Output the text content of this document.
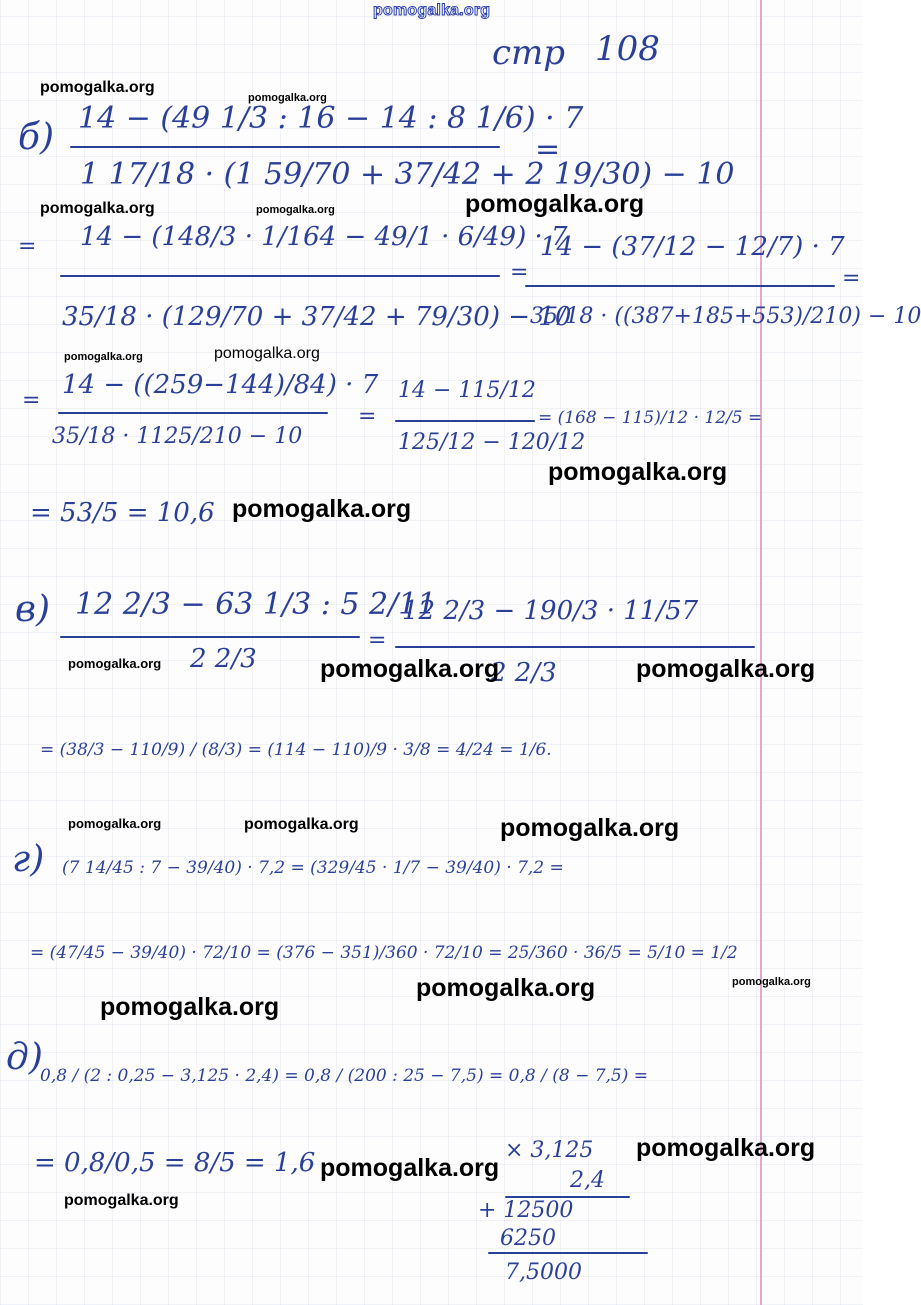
pomogalka.org
стр 108
б) 14 − (49 1/3 : 16 − 14 : 8 1/6) · 7
1 17/18 · (1 59/70 + 37/42 + 2 19/30) − 10
=
= 14 − (148/3 · 1/164 − 49/1 · 6/49) · 7
35/18 · (129/70 + 37/42 + 79/30) − 10
=
14 − (37/12 − 12/7) · 7
35/18 · ((387+185+553)/210) − 10
=
=
14 − ((259−144)/84) · 7
35/18 · 1125/210 − 10
=
14 − 115/12
125/12 − 120/12
= (168 − 115)/12 · 12/5 =
= 53/5 = 10,6
в) 12 2/3 − 63 1/3 : 5 2/11
2 2/3
=
12 2/3 − 190/3 · 11/57
2 2/3
= (38/3 − 110/9) / (8/3) = (114 − 110)/9 · 3/8 = 4/24 = 1/6.
г) (7 14/45 : 7 − 39/40) · 7,2 = (329/45 · 1/7 − 39/40) · 7,2 =
= (47/45 − 39/40) · 72/10 = (376 − 351)/360 · 72/10 = 25/360 · 36/5 = 5/10 = 1/2
д)
0,8 / (2 : 0,25 − 3,125 · 2,4) = 0,8 / (200 : 25 − 7,5) = 0,8 / (8 − 7,5) =
= 0,8/0,5 = 8/5 = 1,6	× 3,125
2,4
+ 12500
6250
7,5000
pomogalka.org
pomogalka.org
pomogalka.org	pomogalka.org	pomogalka.org
pomogalka.org	pomogalka.org
pomogalka.org
pomogalka.org
pomogalka.org	pomogalka.org	pomogalka.org
pomogalka.org	pomogalka.org	pomogalka.org
pomogalka.org	pomogalka.org
pomogalka.org
pomogalka.org
pomogalka.org
pomogalka.org
